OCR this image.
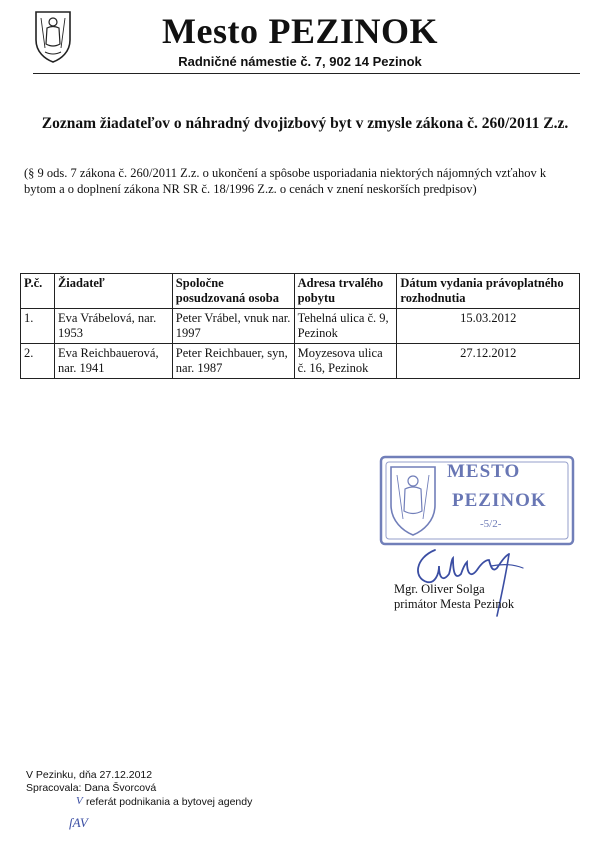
Mesto PEZINOK
Radničné námestie č. 7, 902 14 Pezinok
Zoznam žiadateľov o náhradný dvojizbový byt v zmysle zákona č. 260/2011 Z.z.
(§ 9 ods. 7 zákona č. 260/2011 Z.z. o ukončení a spôsobe usporiadania niektorých nájomných vzťahov k bytom a o doplnení zákona NR SR č. 18/1996 Z.z. o cenách v znení neskorších predpisov)
P.č.	Žiadateľ	Spoločne posudzovaná osoba	Adresa trvalého pobytu	Dátum vydania právoplatného rozhodnutia
1.	Eva Vrábelová, nar. 1953	Peter Vrábel, vnuk nar. 1997	Tehelná ulica č. 9, Pezinok	15.03.2012
2.	Eva Reichbauerová, nar. 1941	Peter Reichbauer, syn, nar. 1987	Moyzesova ulica č. 16, Pezinok	27.12.2012
MESTO
PEZINOK
-5/2-
Mgr. Oliver Solga
primátor Mesta Pezinok
V Pezinku, dňa 27.12.2012
Spracovala: Dana Švorcová
V referát podnikania a bytovej agendy
ſAV
